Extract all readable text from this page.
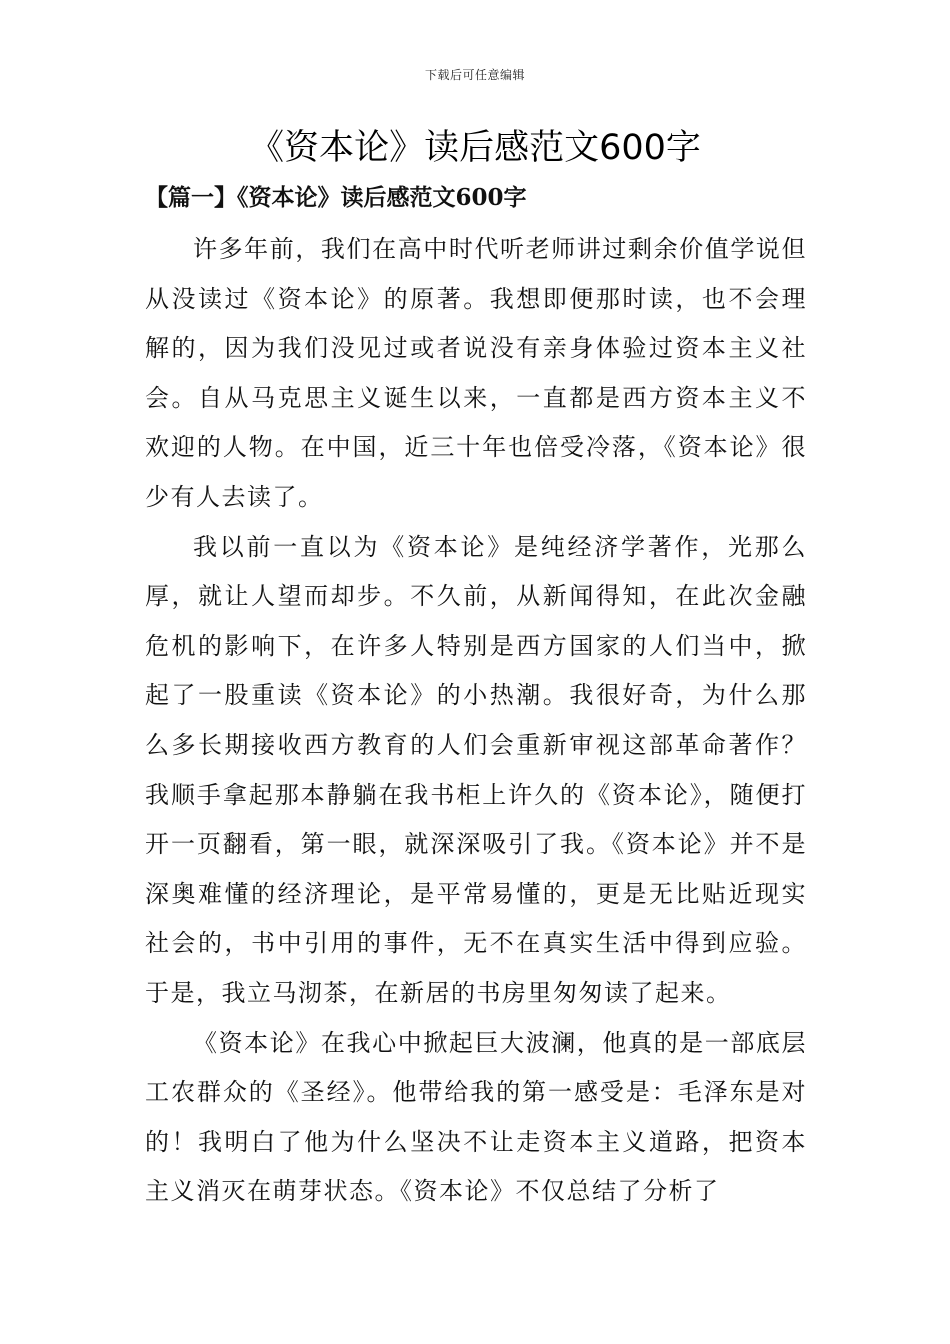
下载后可任意编辑
《资本论》读后感范文600字
【篇一】《资本论》读后感范文600字

许多年前，我们在高中时代听老师讲过剩余价值学说但从没读过《资本论》的原著。我想即便那时读，也不会理解的，因为我们没见过或者说没有亲身体验过资本主义社会。自从马克思主义诞生以来，一直都是西方资本主义不欢迎的人物。在中国，近三十年也倍受冷落，《资本论》很少有人去读了。

我以前一直以为《资本论》是纯经济学著作，光那么厚，就让人望而却步。不久前，从新闻得知，在此次金融危机的影响下，在许多人特别是西方国家的人们当中，掀起了一股重读《资本论》的小热潮。我很好奇，为什么那么多长期接收西方教育的人们会重新审视这部革命著作？我顺手拿起那本静躺在我书柜上许久的《资本论》，随便打开一页翻看，第一眼，就深深吸引了我。《资本论》并不是深奥难懂的经济理论，是平常易懂的，更是无比贴近现实社会的，书中引用的事件，无不在真实生活中得到应验。于是，我立马沏茶，在新居的书房里匆匆读了起来。

《资本论》在我心中掀起巨大波澜，他真的是一部底层工农群众的《圣经》。他带给我的第一感受是：毛泽东是对的！我明白了他为什么坚决不让走资本主义道路，把资本主义消灭在萌芽状态。《资本论》不仅总结了分析了
